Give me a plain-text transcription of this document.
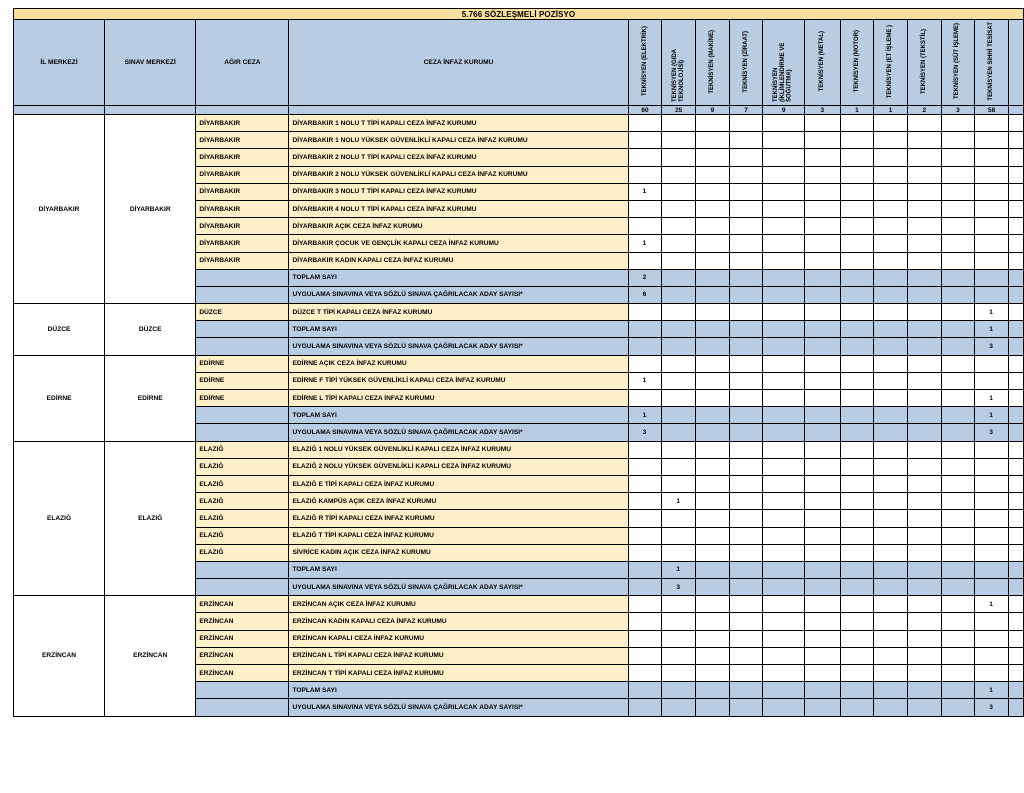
5.766 SÖZLEŞMELİ POZİSYO															
İL MERKEZİ	SINAV MERKEZİ	AĞIR CEZA	CEZA İNFAZ KURUMU	TEKNİSYEN (ELEKTRİK)	TEKNİSYEN (GIDA TEKNOLOJİSİ)	TEKNİSYEN (MAKİNE)	TEKNİSYEN (ZİRAAT)	TEKNİSYEN (İKLİMLENDİRME VE SOĞUTMA)	TEKNİSYEN (METAL)	TEKNİSYEN (MOTOR)	TEKNİSYEN (ET İŞLEME )	TEKNİSYEN (TEKSTİL)	TEKNİSYEN (SÜT İŞLEME)	TEKNİSYEN SIHHİ TESİSAT	
				60	25	9	7	9	3	1	1	2	3	58	
DİYARBAKIR	DİYARBAKIR	DİYARBAKIR	DİYARBAKIR 1 NOLU T TİPİ KAPALI CEZA İNFAZ KURUMU												
		DİYARBAKIR	DİYARBAKIR 1 NOLU YÜKSEK GÜVENLİKLİ KAPALI CEZA İNFAZ KURUMU												
		DİYARBAKIR	DİYARBAKIR 2 NOLU T TİPİ KAPALI CEZA İNFAZ KURUMU												
		DİYARBAKIR	DİYARBAKIR 2 NOLU YÜKSEK GÜVENLİKLİ KAPALI CEZA İNFAZ KURUMU												
		DİYARBAKIR	DİYARBAKIR 3 NOLU T TİPİ KAPALI CEZA İNFAZ KURUMU	1											
		DİYARBAKIR	DİYARBAKIR 4 NOLU T TİPİ KAPALI CEZA İNFAZ KURUMU												
		DİYARBAKIR	DİYARBAKIR AÇIK CEZA İNFAZ KURUMU												
		DİYARBAKIR	DİYARBAKIR ÇOCUK VE GENÇLİK KAPALI CEZA İNFAZ KURUMU	1											
		DİYARBAKIR	DİYARBAKIR KADIN KAPALI CEZA İNFAZ KURUMU												
			TOPLAM SAYI	2											
			UYGULAMA SINAVINA VEYA SÖZLÜ SINAVA ÇAĞRILACAK ADAY SAYISI*	6											
DÜZCE	DÜZCE	DÜZCE	DÜZCE T TİPİ KAPALI CEZA İNFAZ KURUMU											1	
			TOPLAM SAYI											1	
			UYGULAMA SINAVINA VEYA SÖZLÜ SINAVA ÇAĞRILACAK ADAY SAYISI*											3	
EDİRNE	EDİRNE	EDİRNE	EDİRNE AÇIK CEZA İNFAZ KURUMU												
		EDİRNE	EDİRNE F TİPİ YÜKSEK GÜVENLİKLİ KAPALI CEZA İNFAZ KURUMU	1											
		EDİRNE	EDİRNE L TİPİ KAPALI CEZA İNFAZ KURUMU											1	
			TOPLAM SAYI	1										1	
			UYGULAMA SINAVINA VEYA SÖZLÜ SINAVA ÇAĞRILACAK ADAY SAYISI*	3										3	
ELAZIĞ	ELAZIĞ	ELAZIĞ	ELAZIĞ 1 NOLU YÜKSEK GÜVENLİKLİ KAPALI CEZA İNFAZ KURUMU												
		ELAZIĞ	ELAZIĞ 2 NOLU YÜKSEK GÜVENLİKLİ KAPALI CEZA İNFAZ KURUMU												
		ELAZIĞ	ELAZIĞ E TİPİ KAPALI CEZA İNFAZ KURUMU												
		ELAZIĞ	ELAZIĞ KAMPÜS AÇIK CEZA İNFAZ KURUMU		1										
		ELAZIĞ	ELAZIĞ R TİPİ KAPALI CEZA İNFAZ KURUMU												
		ELAZIĞ	ELAZIĞ T TİPİ KAPALI CEZA İNFAZ KURUMU												
		ELAZIĞ	SİVRİCE KADIN AÇIK CEZA İNFAZ KURUMU												
			TOPLAM SAYI		1										
			UYGULAMA SINAVINA VEYA SÖZLÜ SINAVA ÇAĞRILACAK ADAY SAYISI*		3										
ERZİNCAN	ERZİNCAN	ERZİNCAN	ERZİNCAN AÇIK CEZA İNFAZ KURUMU											1	
		ERZİNCAN	ERZİNCAN KADIN KAPALI CEZA İNFAZ KURUMU												
		ERZİNCAN	ERZİNCAN KAPALI CEZA İNFAZ KURUMU												
		ERZİNCAN	ERZİNCAN L TİPİ KAPALI CEZA İNFAZ KURUMU												
		ERZİNCAN	ERZİNCAN T TİPİ KAPALI CEZA İNFAZ KURUMU												
			TOPLAM SAYI											1	
			UYGULAMA SINAVINA VEYA SÖZLÜ SINAVA ÇAĞRILACAK ADAY SAYISI*											3	
